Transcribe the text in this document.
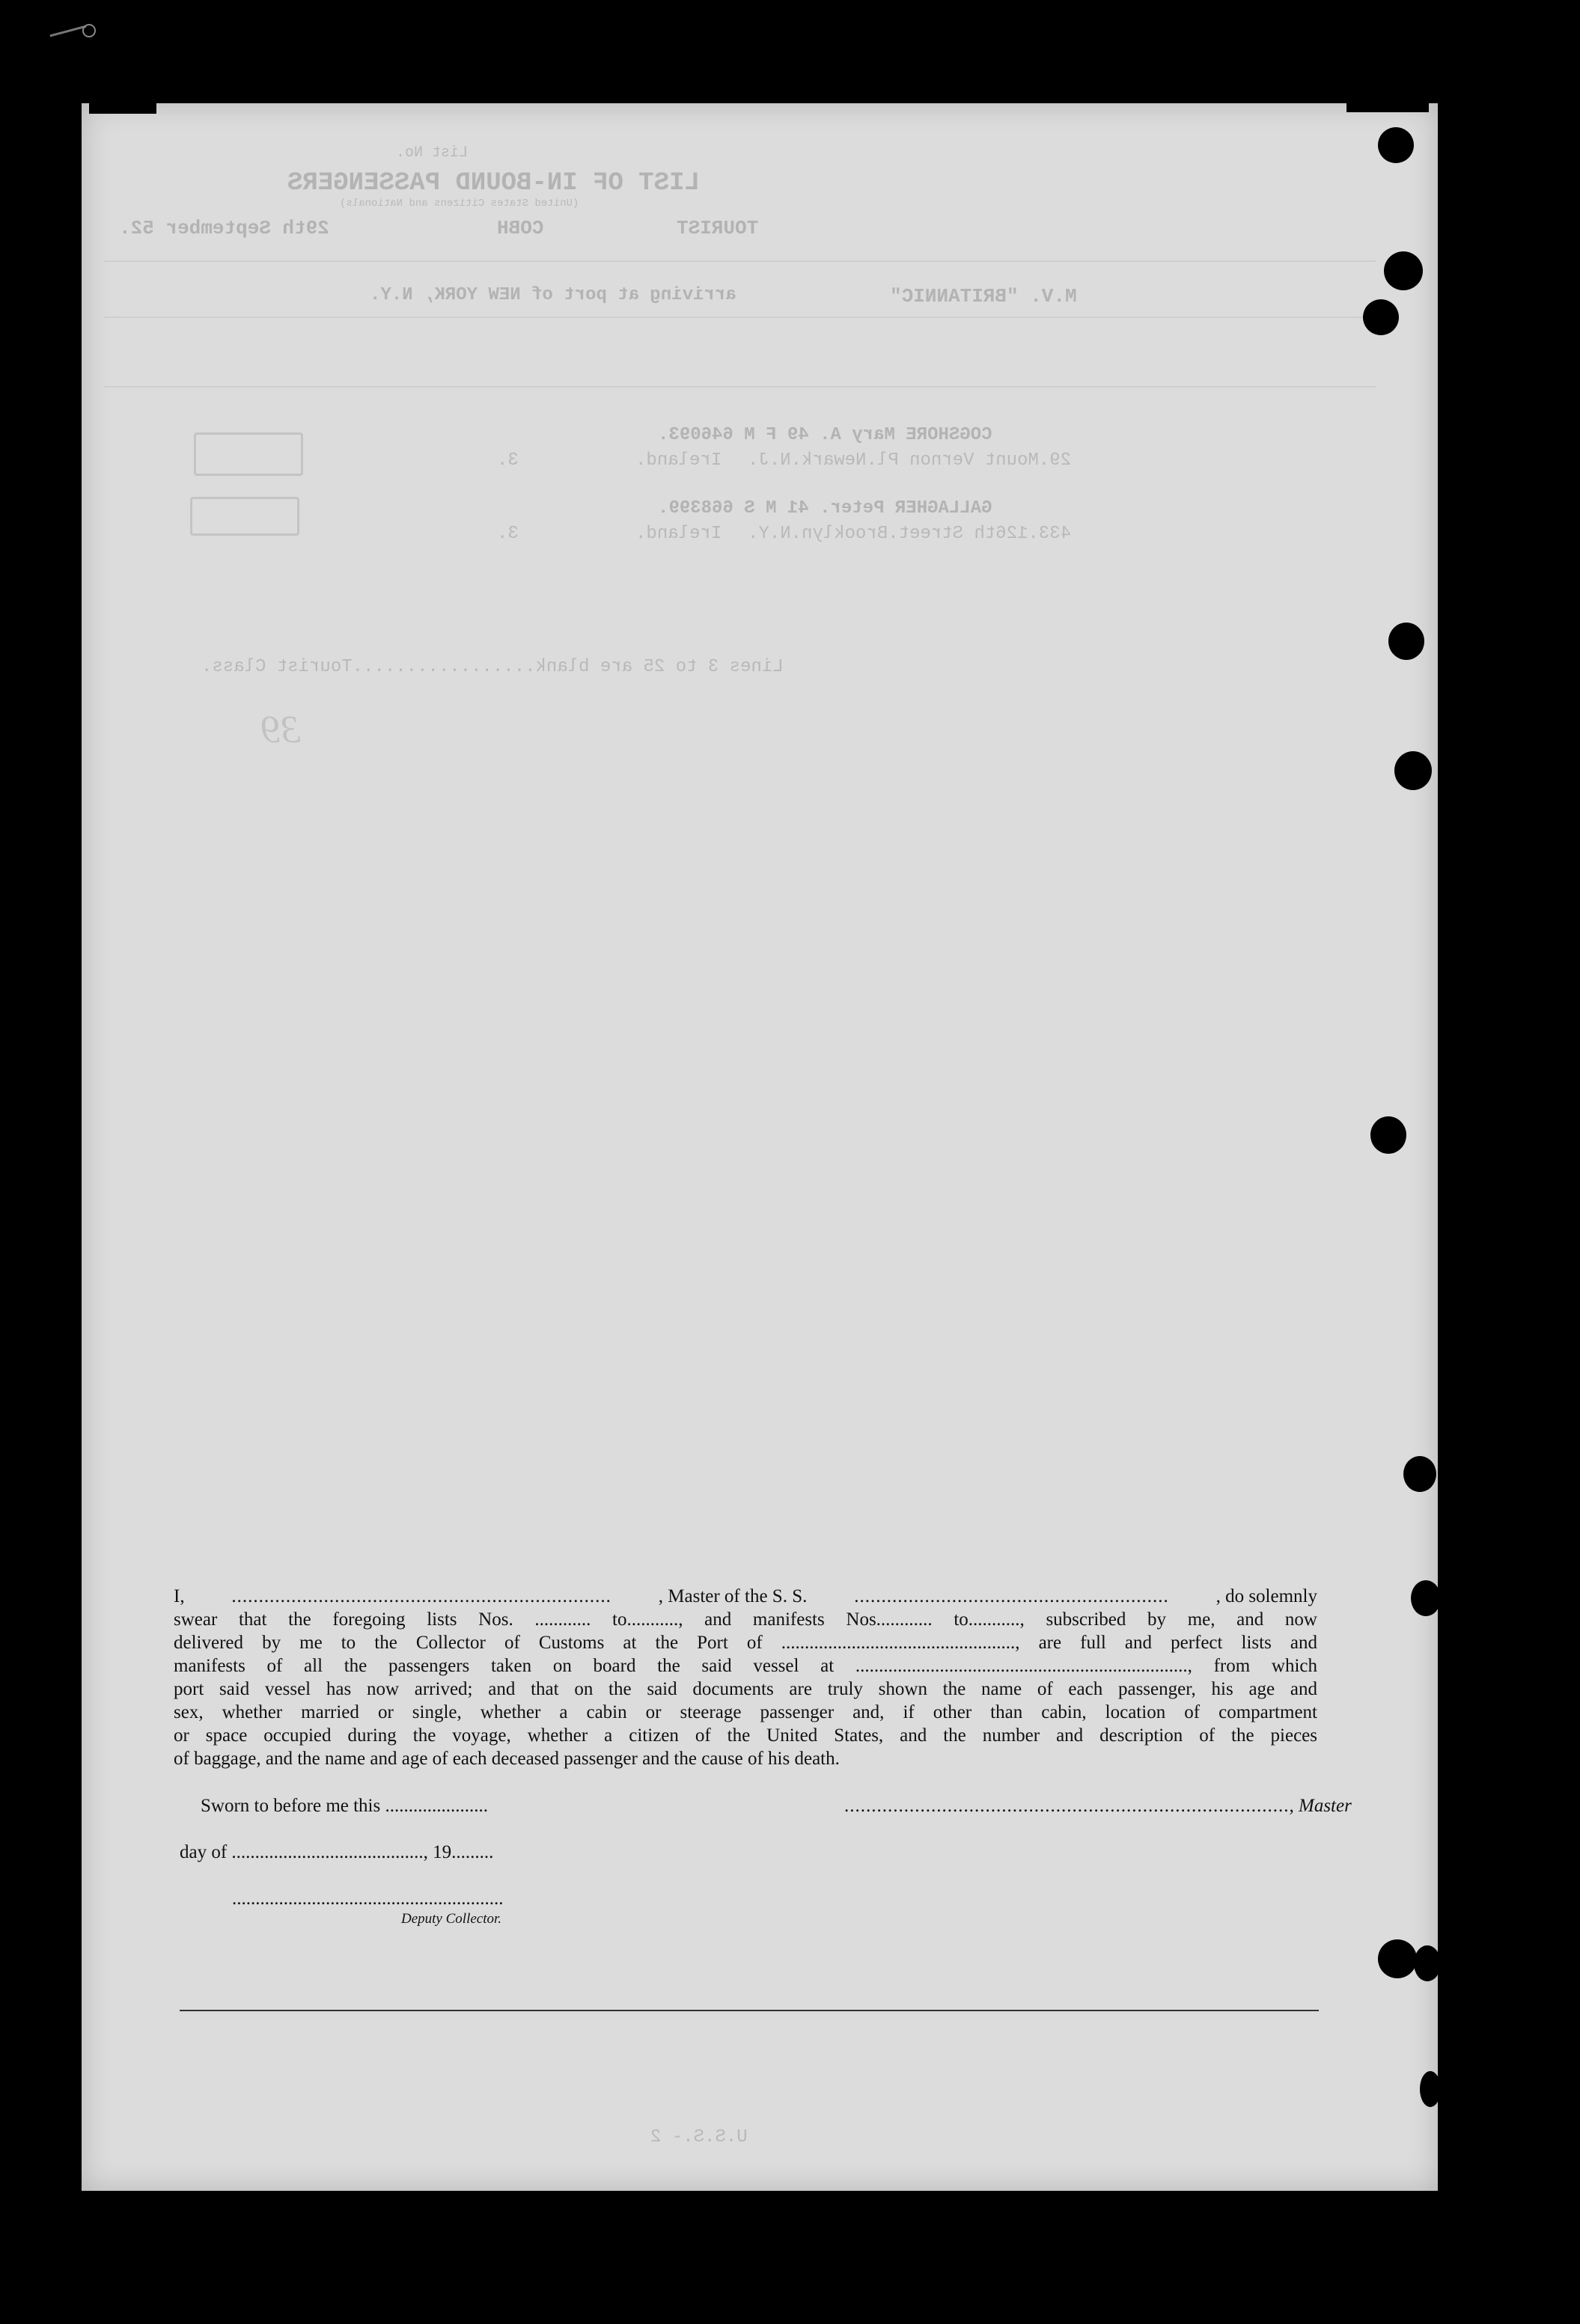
List No.
LIST OF IN-BOUND PASSENGERS
(United States Citizens and Nationals)
TOURIST
COBH
29th September 52.
M.V. "BRITANNIC"
arriving at port of NEW YORK, N.Y.
COGSHORE Mary A. 49 F M 646093.
29.Mount Vernon Pl.Newark.N.J.
Ireland.
3.
GALLAGHER Peter. 41 M S 668399.
433.126th Street.Brooklyn.N.Y.
Ireland.
3.
Lines 3 to 25 are blank.................Tourist Class.
39
U.S.S.- 2

I,	......................................................................	, Master of the S. S.	..........................................................	, do solemnly

swear that the foregoing lists Nos. ............ to..........., and manifests Nos............ to..........., subscribed by me, and now

delivered by me to the Collector of Customs at the Port of .................................................., are full and perfect lists and

manifests of all the passengers taken on board the said vessel at ......................................................................., from which

port said vessel has now arrived; and that on the said documents are truly shown the name of each passenger, his age and

sex, whether married or single, whether a cabin or steerage passenger and, if other than cabin, location of compartment

or space occupied during the voyage, whether a citizen of the United States, and the number and description of the pieces

of baggage, and the name and age of each deceased passenger and the cause of his death.

Sworn to before me this ......................	.................................................................................., Master
day of ........................................., 19.........
..........................................................
Deputy Collector.
